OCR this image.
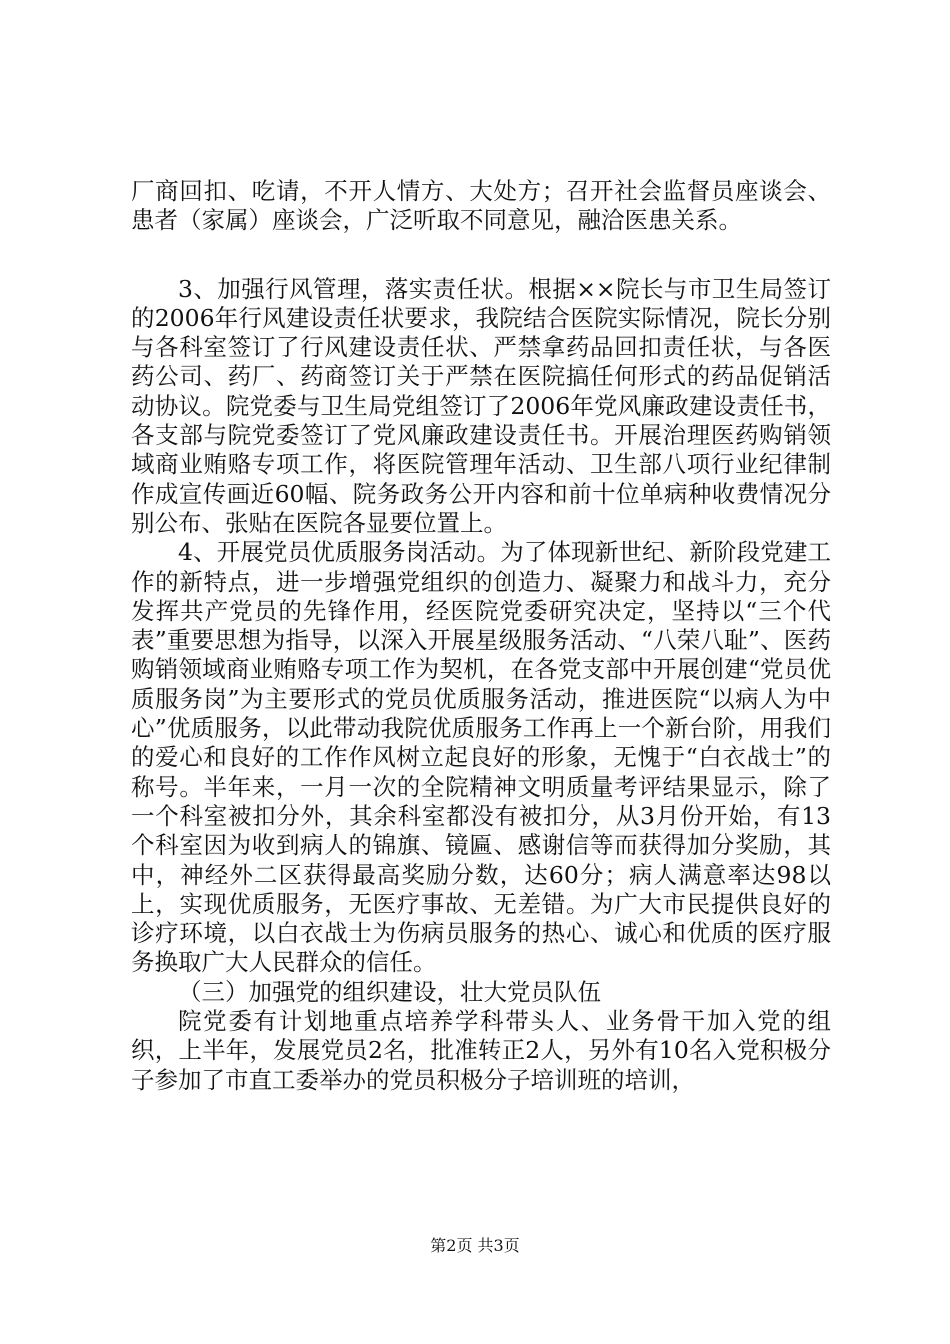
厂商回扣、吃请，不开人情方、大处方；召开社会监督员座谈会、患者（家属）座谈会，广泛听取不同意见，融洽医患关系。

3、加强行风管理，落实责任状。根据××院长与市卫生局签订的2006年行风建设责任状要求，我院结合医院实际情况，院长分别与各科室签订了行风建设责任状、严禁拿药品回扣责任状，与各医药公司、药厂、药商签订关于严禁在医院搞任何形式的药品促销活动协议。院党委与卫生局党组签订了2006年党风廉政建设责任书，各支部与院党委签订了党风廉政建设责任书。开展治理医药购销领域商业贿赂专项工作，将医院管理年活动、卫生部八项行业纪律制作成宣传画近60幅、院务政务公开内容和前十位单病种收费情况分别公布、张贴在医院各显要位置上。

4、开展党员优质服务岗活动。为了体现新世纪、新阶段党建工作的新特点，进一步增强党组织的创造力、凝聚力和战斗力，充分发挥共产党员的先锋作用，经医院党委研究决定，坚持以“三个代表”重要思想为指导，以深入开展星级服务活动、“八荣八耻”、医药购销领域商业贿赂专项工作为契机，在各党支部中开展创建“党员优质服务岗”为主要形式的党员优质服务活动，推进医院“以病人为中心”优质服务，以此带动我院优质服务工作再上一个新台阶，用我们的爱心和良好的工作作风树立起良好的形象，无愧于“白衣战士”的称号。半年来，一月一次的全院精神文明质量考评结果显示，除了一个科室被扣分外，其余科室都没有被扣分，从3月份开始，有13个科室因为收到病人的锦旗、镜匾、感谢信等而获得加分奖励，其中，神经外二区获得最高奖励分数，达60分；病人满意率达98以上，实现优质服务，无医疗事故、无差错。为广大市民提供良好的诊疗环境，以白衣战士为伤病员服务的热心、诚心和优质的医疗服务换取广大人民群众的信任。

（三）加强党的组织建设，壮大党员队伍

院党委有计划地重点培养学科带头人、业务骨干加入党的组织，上半年，发展党员2名，批准转正2人，另外有10名入党积极分子参加了市直工委举办的党员积极分子培训班的培训，

第2页 共3页
